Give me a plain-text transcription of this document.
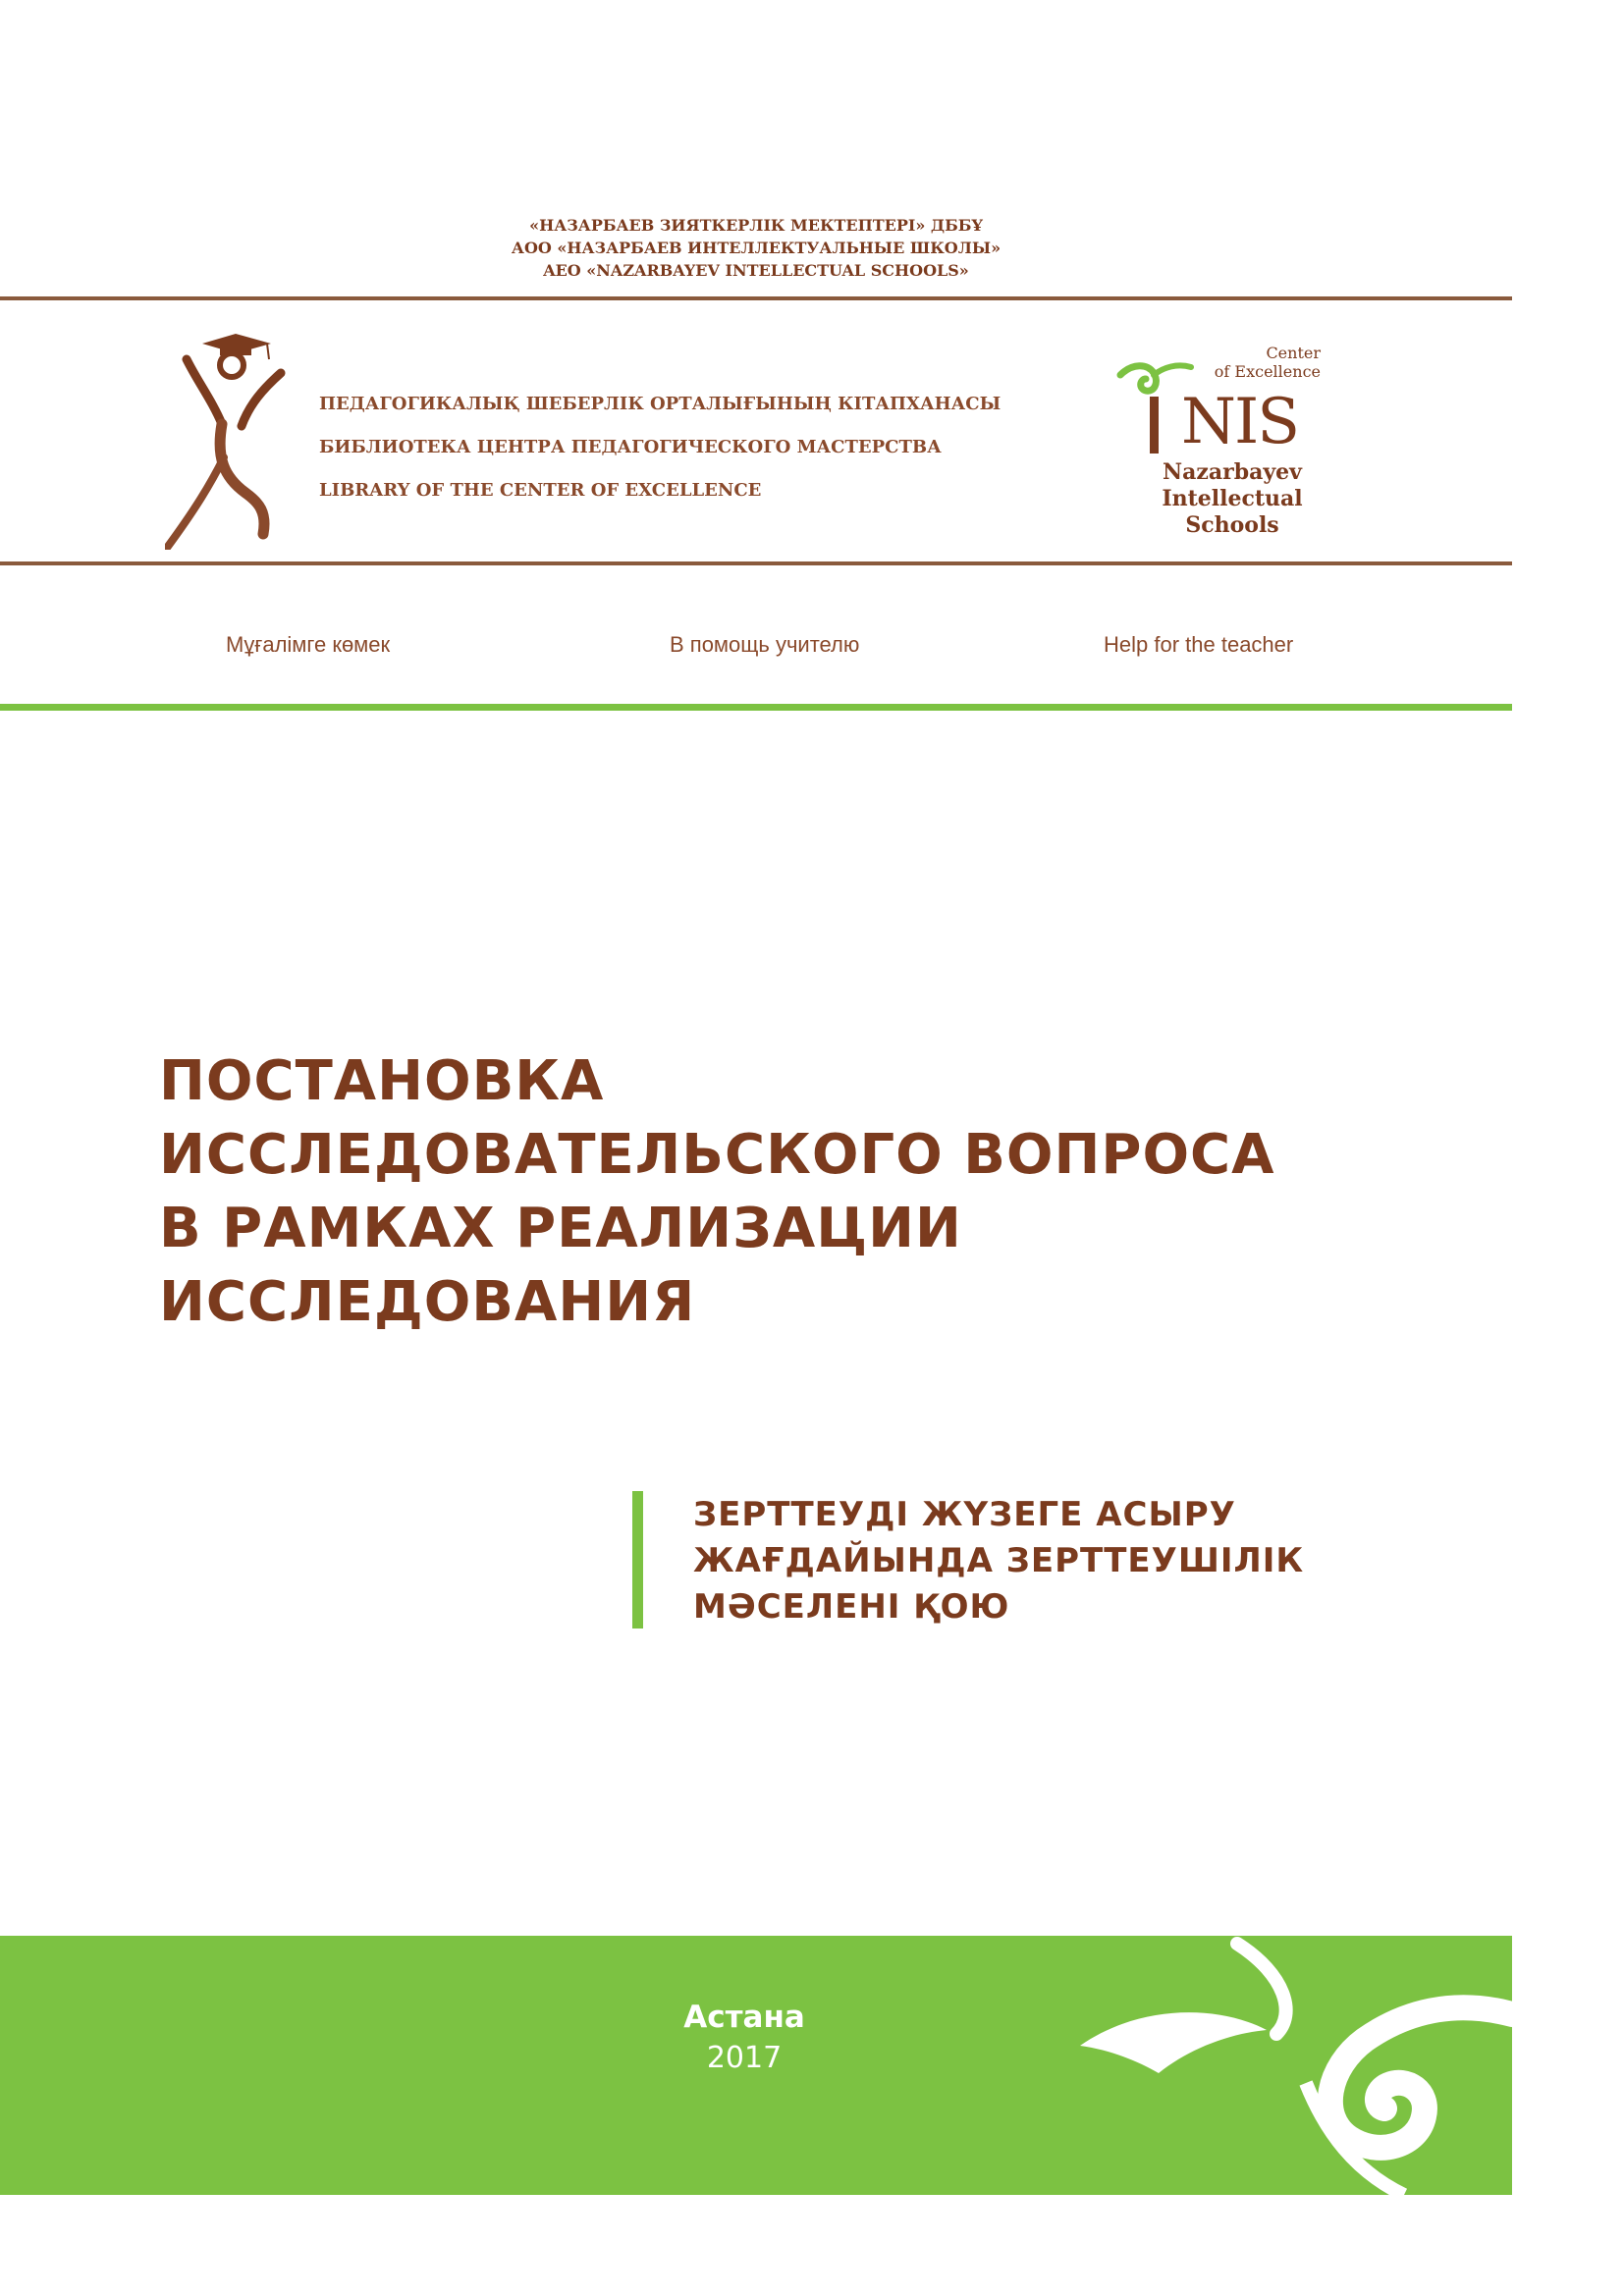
«НАЗАРБАЕВ ЗИЯТКЕРЛІК МЕКТЕПТЕРІ» ДББҰ
АОО «НАЗАРБАЕВ ИНТЕЛЛЕКТУАЛЬНЫЕ ШКОЛЫ»
AEO «NAZARBAYEV INTELLECTUAL SCHOOLS»
ПЕДАГОГИКАЛЫҚ ШЕБЕРЛІК ОРТАЛЫҒЫНЫҢ КІТАПХАНАСЫ
БИБЛИОТЕКА ЦЕНТРА ПЕДАГОГИЧЕСКОГО МАСТЕРСТВА
LIBRARY OF THE CENTER OF EXCELLENCE
Center
of Excellence
NIS
Nazarbayev
Intellectual
Schools
Мұғалімге көмек	В помощь учителю	Help for the teacher
ПОСТАНОВКА
ИССЛЕДОВАТЕЛЬСКОГО ВОПРОСА
В РАМКАХ РЕАЛИЗАЦИИ
ИССЛЕДОВАНИЯ
ЗЕРТТЕУДІ ЖҮЗЕГЕ АСЫРУ
ЖАҒДАЙЫНДА ЗЕРТТЕУШІЛІК
МӘСЕЛЕНІ ҚОЮ
Астана
2017
